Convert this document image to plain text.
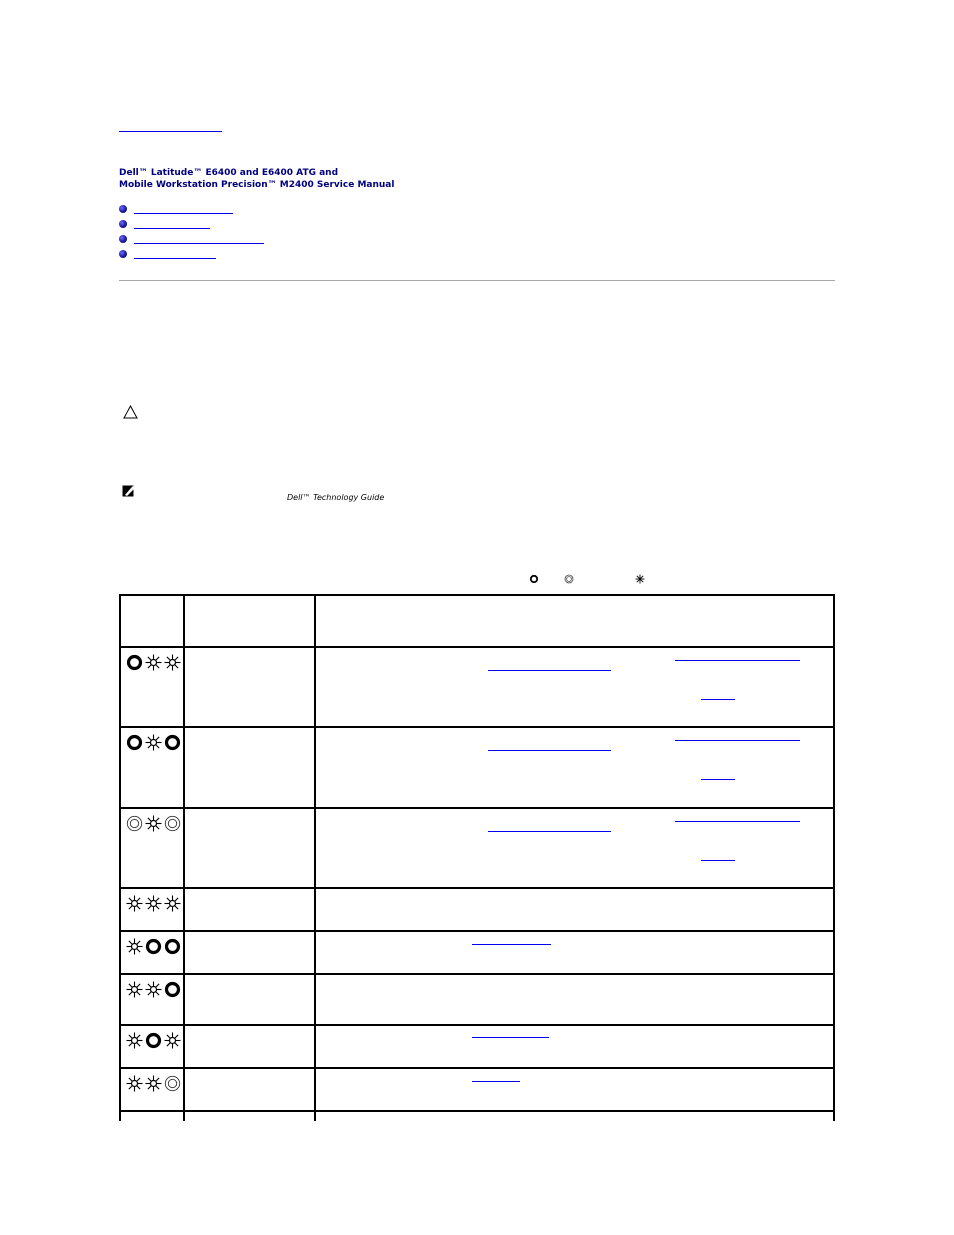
Dell™ Latitude™ E6400 and E6400 ATG and
Mobile Workstation Precision™ M2400 Service Manual
Dell™ Technology Guide
